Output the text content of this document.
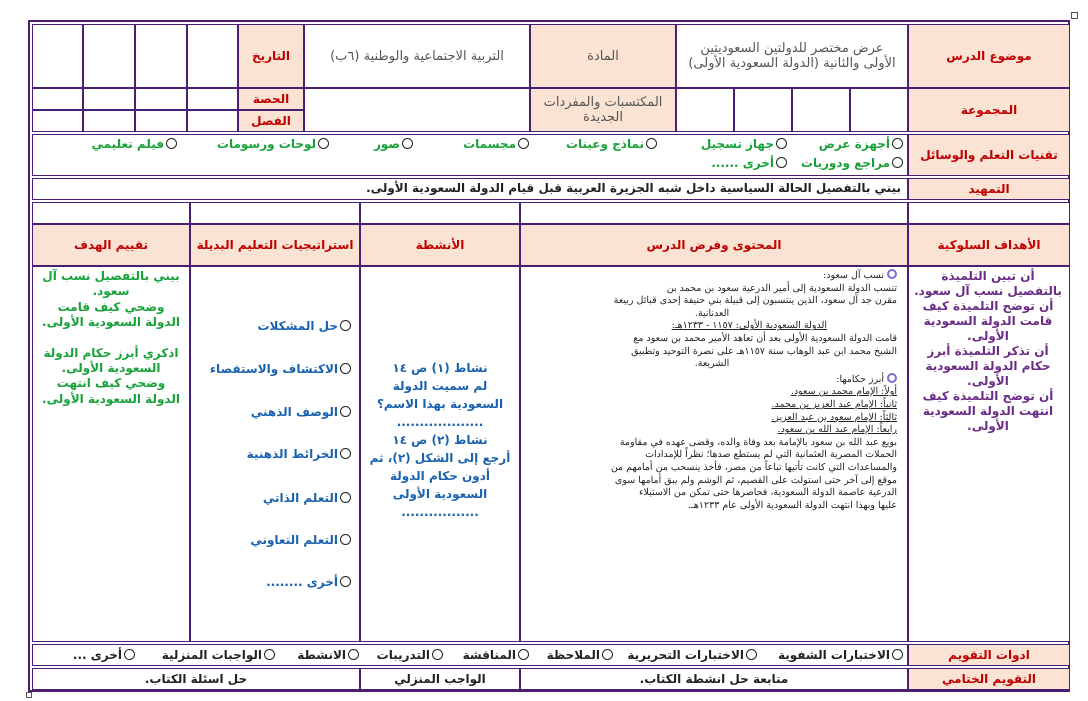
موضوع الدرس
عرض مختصر للدولتين السعوديتين الأولى والثانية (الدولة السعودية الأولى)
المادة
التربية الاجتماعية والوطنية (٦ب)
التاريخ
المجموعة
المكتسبات والمفردات الجديدة
الحصة
الفصل
تقنيات التعلم والوسائل
أجهزة عرض
جهاز تسجيل
نماذج وعينات
مجسمات
صور
لوحات ورسومات
فيلم تعليمي
مراجع ودوريات
أخرى ......
التمهيد
بيني بالتفصيل الحالة السياسية داخل شبه الجزيرة العربية قبل قيام الدولة السعودية الأولى.
الأهداف السلوكية
المحتوى وفرض الدرس
الأنشطة
استراتيجيات التعليم البديلة
تقييم الهدف
أن تبين التلميذة
بالتفصيل نسب آل سعود.
أن توضح التلميذة كيف
قامت الدولة السعودية
الأولى.
أن تذكر التلميذة أبرز
حكام الدولة السعودية
الأولى.
أن توضح التلميذة كيف
انتهت الدولة السعودية
الأولى.
نسب آل سعود:
تنسب الدولة السعودية إلى أمير الدرعية سعود بن محمد بن
مقرن جد آل سعود، الذين ينتسبون إلى قبيلة بني حنيفة إحدى قبائل ربيعة
العدنانية.
الدولة السعودية الأولى: ١١٥٧ - ١٢٣٣هـ:
قامت الدولة السعودية الأولى بعد أن تعاهد الأمير محمد بن سعود مع
الشيخ محمد ابن عبد الوهاب سنة ١١٥٧هـ على نصرة التوحيد وتطبيق
الشريعة.
أبرز حكامها:
أولاً: الإمام محمد بن سعود.
ثانياً: الإمام عبد العزيز بن محمد.
ثالثاً: الإمام سعود بن عبد العزيز.
رابعاً: الإمام عبد الله بن سعود.
بويع عبد الله بن سعود بالإمامة بعد وفاة والده، وقضى عهده في مقاومة
الحملات المصرية العثمانية التي لم يستطع صدها؛ نظراً للإمدادات
والمساعدات التي كانت تأتيها تباعاً من مصر، فأخذ ينسحب من أمامهم من
موقع إلى آخر حتى استولت على القصيم، ثم الوشم ولم يبق أمامها سوى
الدرعية عاصمة الدولة السعودية، فحاصرها حتى تمكن من الاستيلاء
عليها وبهذا انتهت الدولة السعودية الأولى عام ١٢٣٣هـ.
نشاط (١) ص ١٤
لم سميت الدولة
السعودية بهذا الاسم؟
...................
نشاط (٢) ص ١٤
أرجع إلى الشكل (٢)، ثم
أدون حكام الدولة
السعودية الأولى
.................
حل المشكلات
الاكتشاف والاستقصاء
الوصف الذهني
الخرائط الذهنية
التعلم الذاتي
التعلم التعاوني
أخرى ........
بيني بالتفصيل نسب آل
سعود.
وضحي كيف قامت
الدولة السعودية الأولى.
اذكري أبرز حكام الدولة
السعودية الأولى.
وضحي كيف انتهت
الدولة السعودية الأولى.
ادوات التقويم
الاختبارات الشفوية
الاختبارات التحريرية
الملاحظة
المناقشة
التدريبات
الانشطة
الواجبات المنزلية
أخرى ...
التقويم الختامي
متابعة حل انشطة الكتاب.
الواجب المنزلي
حل اسئلة الكتاب.
